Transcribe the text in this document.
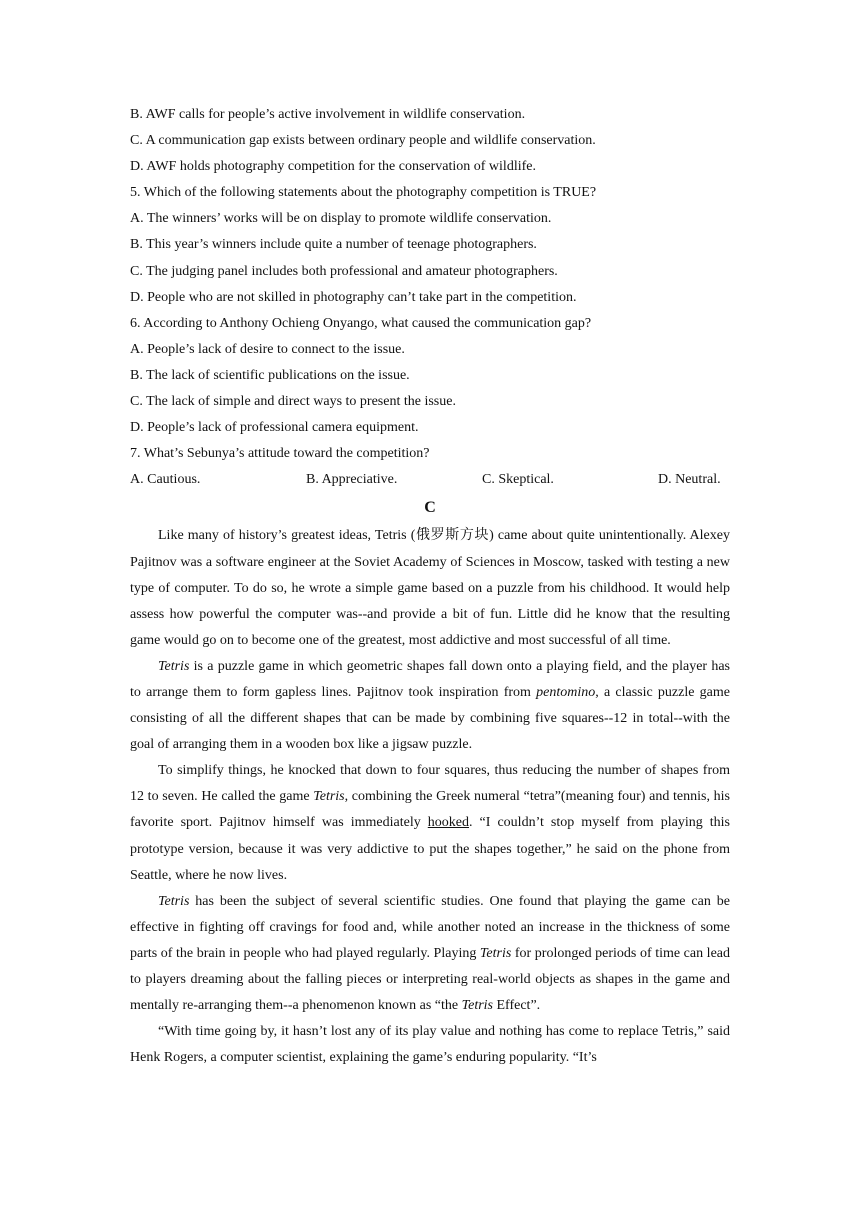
B. AWF calls for people’s active involvement in wildlife conservation.
C. A communication gap exists between ordinary people and wildlife conservation.
D. AWF holds photography competition for the conservation of wildlife.
5. Which of the following statements about the photography competition is TRUE?
A. The winners’ works will be on display to promote wildlife conservation.
B. This year’s winners include quite a number of teenage photographers.
C. The judging panel includes both professional and amateur photographers.
D. People who are not skilled in photography can’t take part in the competition.
6. According to Anthony Ochieng Onyango, what caused the communication gap?
A. People’s lack of desire to connect to the issue.
B. The lack of scientific publications on the issue.
C. The lack of simple and direct ways to present the issue.
D. People’s lack of professional camera equipment.
7. What’s Sebunya’s attitude toward the competition?
A. Cautious.	B. Appreciative.	C. Skeptical.	D. Neutral.
C

Like many of history’s greatest ideas, Tetris (俄罗斯方块) came about quite unintentionally. Alexey Pajitnov was a software engineer at the Soviet Academy of Sciences in Moscow, tasked with testing a new type of computer. To do so, he wrote a simple game based on a puzzle from his childhood. It would help assess how powerful the computer was--and provide a bit of fun. Little did he know that the resulting game would go on to become one of the greatest, most addictive and most successful of all time.

Tetris is a puzzle game in which geometric shapes fall down onto a playing field, and the player has to arrange them to form gapless lines. Pajitnov took inspiration from pentomino, a classic puzzle game consisting of all the different shapes that can be made by combining five squares--12 in total--with the goal of arranging them in a wooden box like a jigsaw puzzle.

To simplify things, he knocked that down to four squares, thus reducing the number of shapes from 12 to seven. He called the game Tetris, combining the Greek numeral “tetra”(meaning four) and tennis, his favorite sport. Pajitnov himself was immediately hooked. “I couldn’t stop myself from playing this prototype version, because it was very addictive to put the shapes together,” he said on the phone from Seattle, where he now lives.

Tetris has been the subject of several scientific studies. One found that playing the game can be effective in fighting off cravings for food and, while another noted an increase in the thickness of some parts of the brain in people who had played regularly. Playing Tetris for prolonged periods of time can lead to players dreaming about the falling pieces or interpreting real-world objects as shapes in the game and mentally re-arranging them--a phenomenon known as “the Tetris Effect”.

“With time going by, it hasn’t lost any of its play value and nothing has come to replace Tetris,” said Henk Rogers, a computer scientist, explaining the game’s enduring popularity. “It’s
